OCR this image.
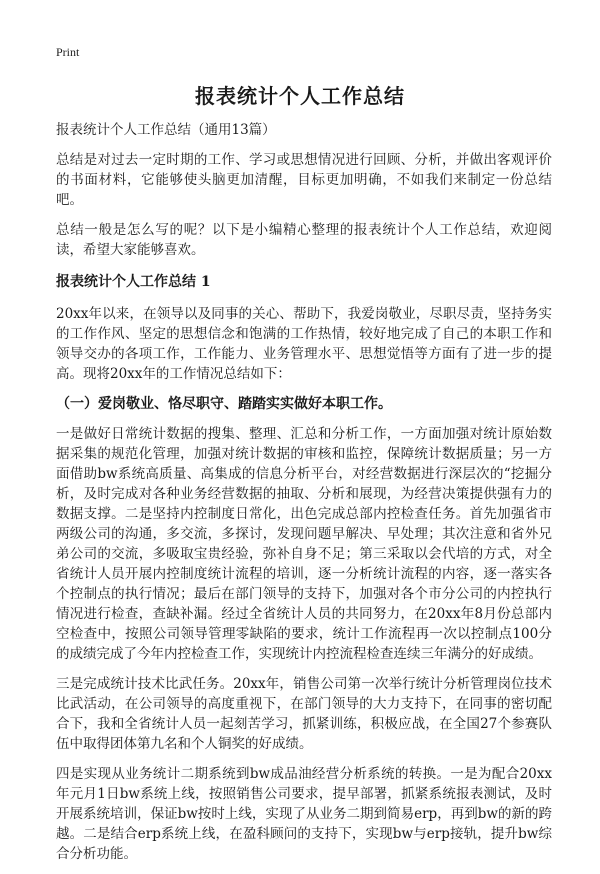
Print
报表统计个人工作总结
报表统计个人工作总结（通用13篇）

总结是对过去一定时期的工作、学习或思想情况进行回顾、分析，并做出客观评价的书面材料，它能够使头脑更加清醒，目标更加明确，不如我们来制定一份总结吧。

总结一般是怎么写的呢？以下是小编精心整理的报表统计个人工作总结，欢迎阅读，希望大家能够喜欢。

报表统计个人工作总结 1

20xx年以来，在领导以及同事的关心、帮助下，我爱岗敬业，尽职尽责，坚持务实的工作作风、坚定的思想信念和饱满的工作热情，较好地完成了自己的本职工作和领导交办的各项工作，工作能力、业务管理水平、思想觉悟等方面有了进一步的提高。现将20xx年的工作情况总结如下：

（一）爱岗敬业、恪尽职守、踏踏实实做好本职工作。

一是做好日常统计数据的搜集、整理、汇总和分析工作，一方面加强对统计原始数据采集的规范化管理，加强对统计数据的审核和监控，保障统计数据质量；另一方面借助bw系统高质量、高集成的信息分析平台，对经营数据进行深层次的“挖掘分析，及时完成对各种业务经营数据的抽取、分析和展现，为经营决策提供强有力的数据支撑。二是坚持内控制度日常化，出色完成总部内控检查任务。首先加强省市两级公司的沟通，多交流，多探讨，发现问题早解决、早处理；其次注意和省外兄弟公司的交流，多吸取宝贵经验，弥补自身不足；第三采取以会代培的方式，对全省统计人员开展内控制度统计流程的培训，逐一分析统计流程的内容，逐一落实各个控制点的执行情况；最后在部门领导的支持下，加强对各个市分公司的内控执行情况进行检查，查缺补漏。经过全省统计人员的共同努力，在20xx年8月份总部内空检查中，按照公司领导管理零缺陷的要求，统计工作流程再一次以控制点100分的成绩完成了今年内控检查工作，实现统计内控流程检查连续三年满分的好成绩。

三是完成统计技术比武任务。20xx年，销售公司第一次举行统计分析管理岗位技术比武活动，在公司领导的高度重视下，在部门领导的大力支持下，在同事的密切配合下，我和全省统计人员一起刻苦学习，抓紧训练，积极应战，在全国27个参赛队伍中取得团体第九名和个人铜奖的好成绩。

四是实现从业务统计二期系统到bw成品油经营分析系统的转换。一是为配合20xx年元月1日bw系统上线，按照销售公司要求，提早部署，抓紧系统报表测试，及时开展系统培训，保证bw按时上线，实现了从业务二期到简易erp，再到bw的新的跨越。二是结合erp系统上线，在盈科顾问的支持下，实现bw与erp接轨，提升bw综合分析功能。
